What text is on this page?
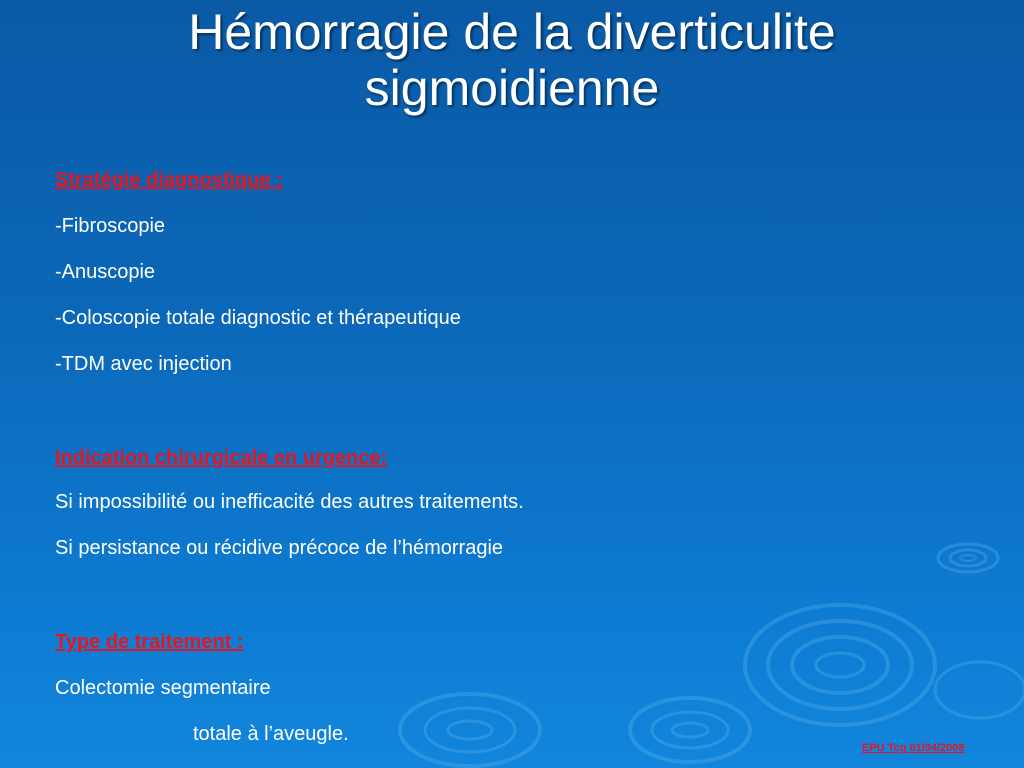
Hémorragie de la diverticulite
sigmoidienne
Stratégie diagnostique :
-Fibroscopie
-Anuscopie
-Coloscopie totale diagnostic et thérapeutique
-TDM avec injection
Indication chirurgicale en urgence:
Si impossibilité ou inefficacité des autres traitements.
Si persistance ou récidive précoce de l’hémorragie
Type de traitement :
Colectomie segmentaire
totale à l’aveugle.
EPU Tcg 01/04/2008
